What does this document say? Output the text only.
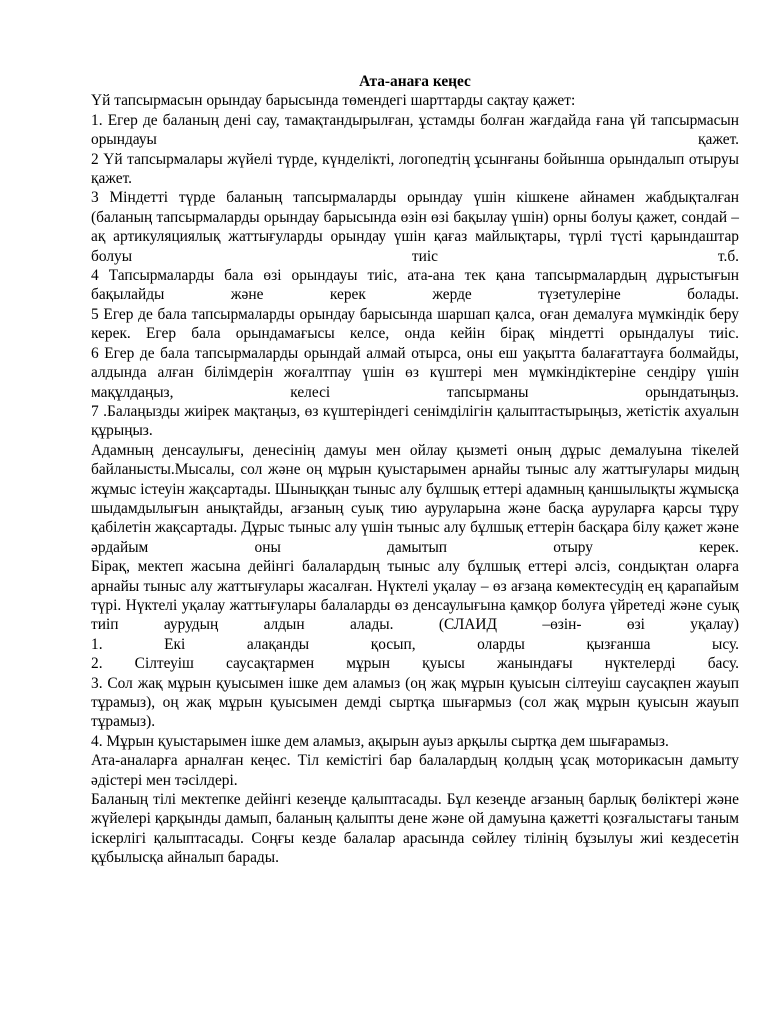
Ата-анаға кеңес

Үй тапсырмасын орындау барысында төмендегі шарттарды сақтау қажет:

1. Егер де баланың дені сау, тамақтандырылған, ұстамды болған жағдайда ғана үй тапсырмасын орындауы қажет.

2 Үй тапсырмалары жүйелі түрде, күнделікті, логопедтің ұсынғаны бойынша орындалып отыруы қажет.

3 Міндетті түрде баланың тапсырмаларды орындау үшін кішкене айнамен жабдықталған (баланың тапсырмаларды орындау барысында өзін өзі бақылау үшін) орны болуы қажет, сондай –ақ артикуляциялық жаттығуларды орындау үшін қағаз майлықтары, түрлі түсті қарындаштар болуы тиіс т.б.

4 Тапсырмаларды бала өзі орындауы тиіс, ата-ана тек қана тапсырмалардың дұрыстығын бақылайды және керек жерде түзетулеріне болады.

5 Егер де бала тапсырмаларды орындау барысында шаршап қалса, оған демалуға мүмкіндік беру керек. Егер бала орындамағысы келсе, онда кейін бірақ міндетті орындалуы тиіс.

6 Егер де бала тапсырмаларды орындай алмай отырса, оны еш уақытта балағаттауға болмайды, алдында алған білімдерін жоғалтпау үшін өз күштері мен мүмкіндіктеріне сендіру үшін мақұлдаңыз, келесі тапсырманы орындатыңыз.

7 .Балаңызды жиірек мақтаңыз, өз күштеріндегі сенімділігін қалыптастырыңыз, жетістік ахуалын құрыңыз.

Адамның денсаулығы, денесінің дамуы мен ойлау қызметі оның дұрыс демалуына тікелей байланысты.Мысалы, сол және оң мұрын қуыстарымен арнайы тыныс алу жаттығулары мидың жұмыс істеуін жақсартады. Шыныққан тыныс алу бұлшық еттері адамның қаншылықты жұмысқа шыдамдылығын анықтайды, ағзаның суық тию ауруларына және басқа ауруларға қарсы тұру қабілетін жақсартады. Дұрыс тыныс алу үшін тыныс алу бұлшық еттерін басқара білу қажет және әрдайым оны дамытып отыру керек.

Бірақ, мектеп жасына дейінгі балалардың тыныс алу бұлшық еттері әлсіз, сондықтан оларға арнайы тыныс алу жаттығулары жасалған. Нүктелі уқалау – өз ағзаңа көмектесудің ең қарапайым түрі. Нүктелі уқалау жаттығулары балаларды өз денсаулығына қамқор болуға үйретеді және суық тиіп аурудың алдын алады. (СЛАИД –өзін- өзі уқалау)

1. Екі алақанды қосып, оларды қызғанша ысу.

2. Сілтеуіш саусақтармен мұрын қуысы жанындағы нүктелерді басу.

3. Сол жақ мұрын қуысымен ішке дем аламыз (оң жақ мұрын қуысын сілтеуіш саусақпен жауып тұрамыз), оң жақ мұрын қуысымен демді сыртқа шығармыз (сол жақ мұрын қуысын жауып тұрамыз).

4. Мұрын қуыстарымен ішке дем аламыз, ақырын ауыз арқылы сыртқа дем шығарамыз.

Ата-аналарға арналған кеңес. Тіл кемістігі бар балалардың қолдың ұсақ моторикасын дамыту әдістері мен тәсілдері.

Баланың тілі мектепке дейінгі кезеңде қалыптасады. Бұл кезеңде ағзаның барлық бөліктері және жүйелері қарқынды дамып, баланың қалыпты дене және ой дамуына қажетті қозғалыстағы таным іскерлігі қалыптасады. Соңғы кезде балалар арасында сөйлеу тілінің бұзылуы жиі кездесетін құбылысқа айналып барады.
